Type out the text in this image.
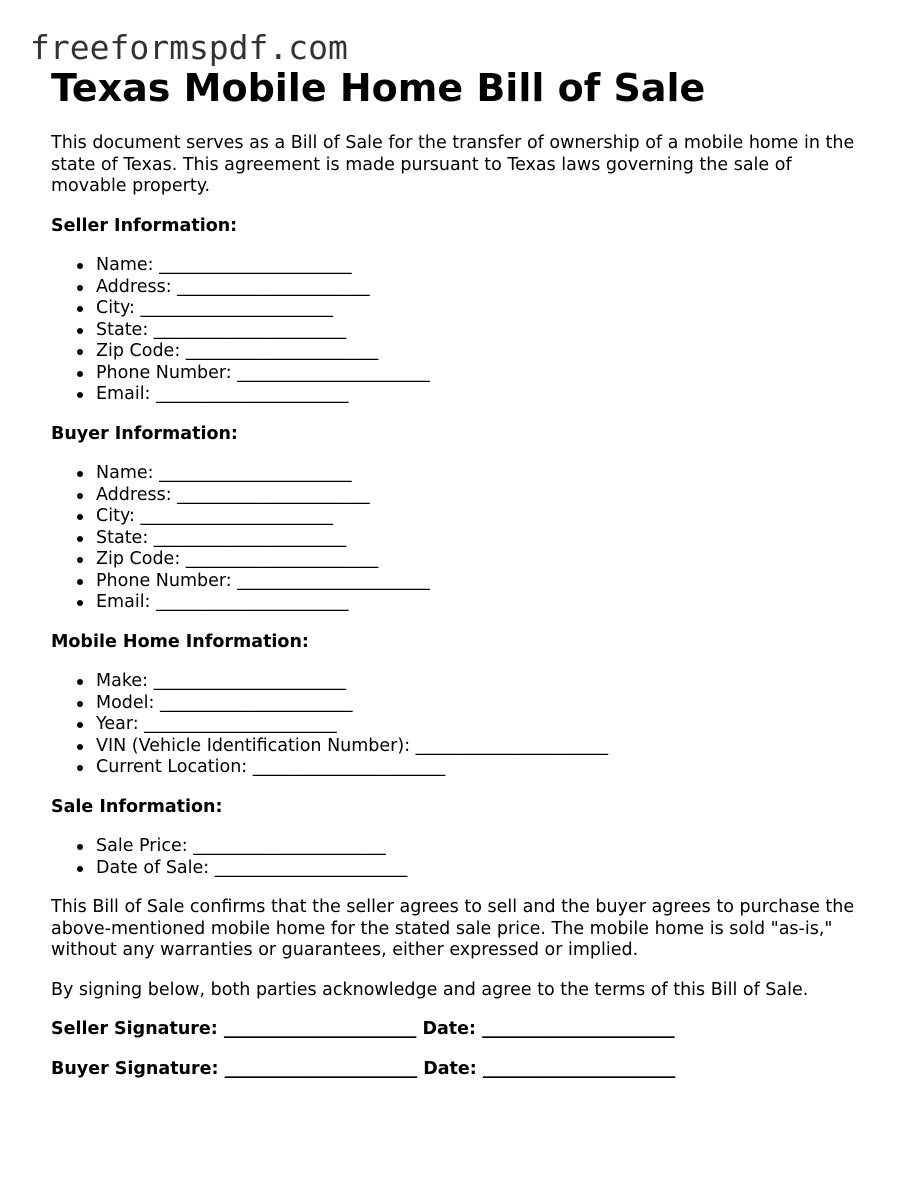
freeformspdf.com
Texas Mobile Home Bill of Sale

This document serves as a Bill of Sale for the transfer of ownership of a mobile home in the state of Texas. This agreement is made pursuant to Texas laws governing the sale of movable property.

Seller Information:
Name: ______________________
Address: ______________________
City: ______________________
State: ______________________
Zip Code: ______________________
Phone Number: ______________________
Email: ______________________
Buyer Information:
Name: ______________________
Address: ______________________
City: ______________________
State: ______________________
Zip Code: ______________________
Phone Number: ______________________
Email: ______________________
Mobile Home Information:
Make: ______________________
Model: ______________________
Year: ______________________
VIN (Vehicle Identification Number): ______________________
Current Location: ______________________
Sale Information:
Sale Price: ______________________
Date of Sale: ______________________

This Bill of Sale confirms that the seller agrees to sell and the buyer agrees to purchase the above-mentioned mobile home for the stated sale price. The mobile home is sold "as-is," without any warranties or guarantees, either expressed or implied.

By signing below, both parties acknowledge and agree to the terms of this Bill of Sale.

Seller Signature: ______________________ Date: ______________________

Buyer Signature: ______________________ Date: ______________________
